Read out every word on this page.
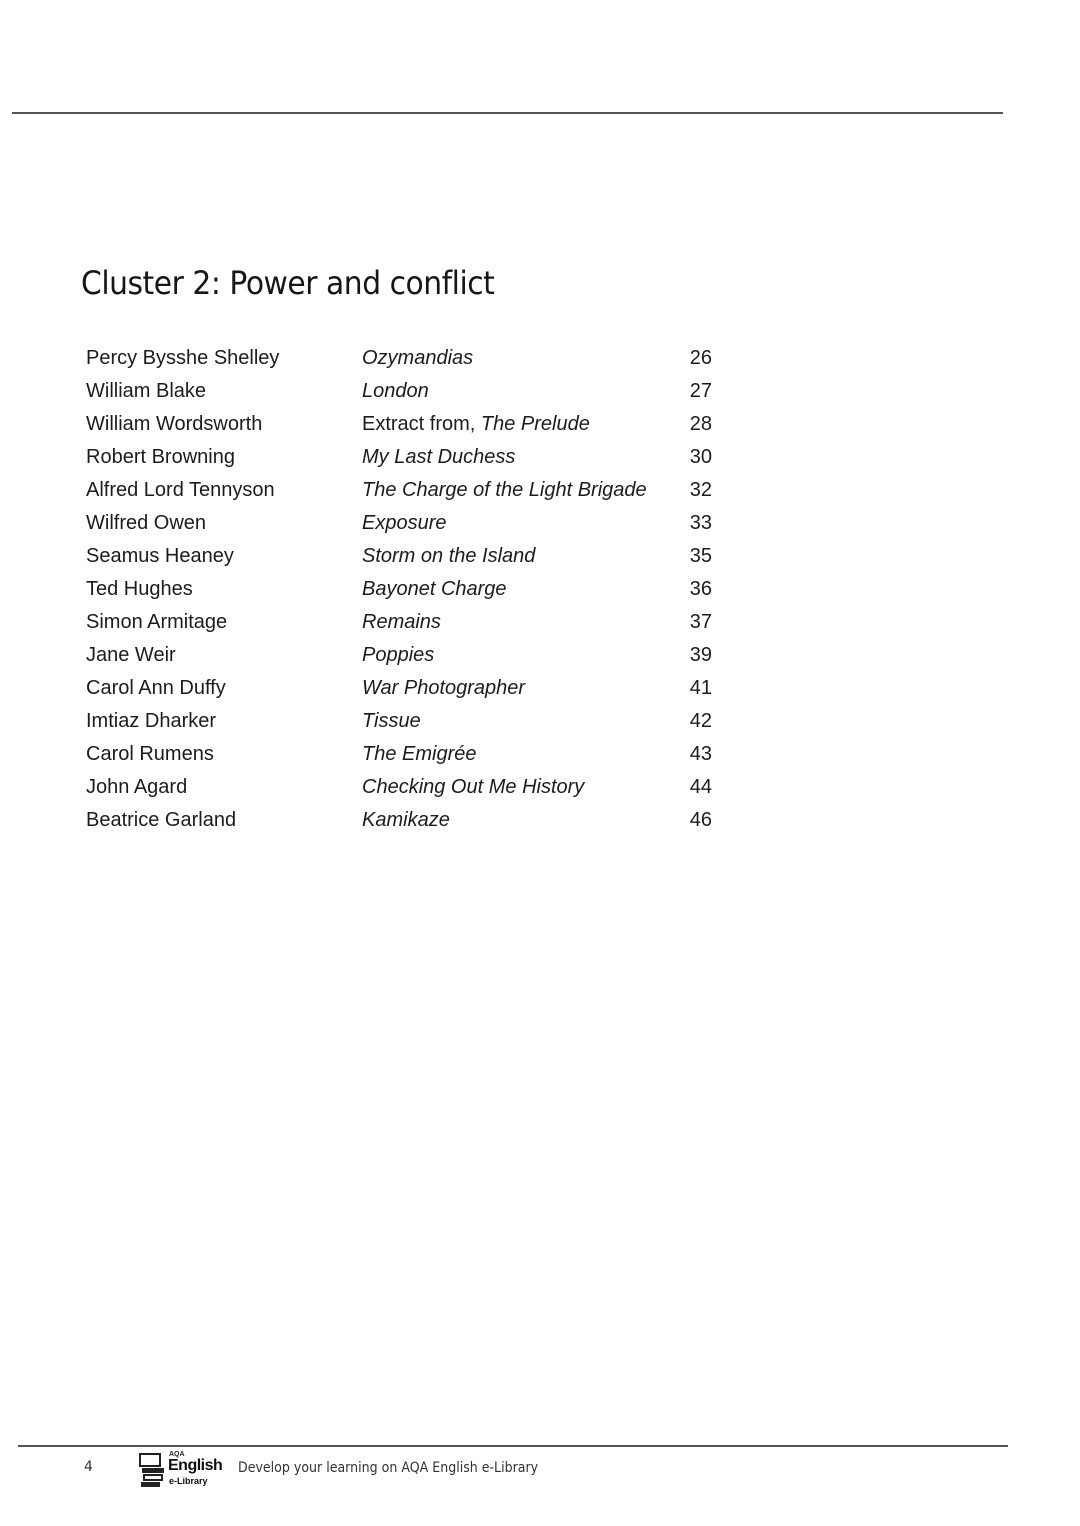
Cluster 2: Power and conflict
Percy Bysshe Shelley	Ozymandias	26
William Blake	London	27
William Wordsworth	Extract from, The Prelude	28
Robert Browning	My Last Duchess	30
Alfred Lord Tennyson	The Charge of the Light Brigade	32
Wilfred Owen	Exposure	33
Seamus Heaney	Storm on the Island	35
Ted Hughes	Bayonet Charge	36
Simon Armitage	Remains	37
Jane Weir	Poppies	39
Carol Ann Duffy	War Photographer	41
Imtiaz Dharker	Tissue	42
Carol Rumens	The Emigrée	43
John Agard	Checking Out Me History	44
Beatrice Garland	Kamikaze	46
4
AQA
English
e-Library
Develop your learning on AQA English e-Library
